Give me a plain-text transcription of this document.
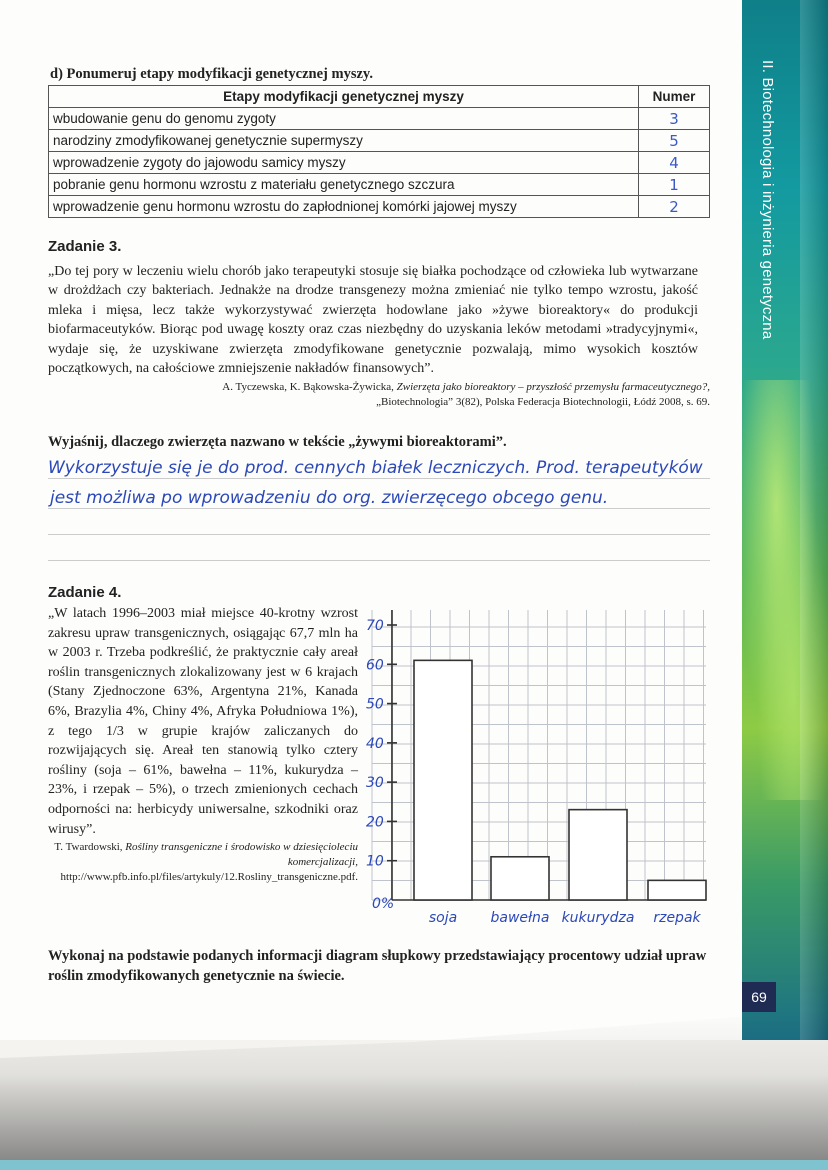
II. Biotechnologia i inżynieria genetyczna
69
d) Ponumeruj etapy modyfikacji genetycznej myszy.
Etapy modyfikacji genetycznej myszy	Numer
wbudowanie genu do genomu zygoty	3
narodziny zmodyfikowanej genetycznie supermyszy	5
wprowadzenie zygoty do jajowodu samicy myszy	4
pobranie genu hormonu wzrostu z materiału genetycznego szczura	1
wprowadzenie genu hormonu wzrostu do zapłodnionej komórki jajowej myszy	2
Zadanie 3.
„Do tej pory w leczeniu wielu chorób jako terapeutyki stosuje się białka pochodzące od człowieka lub wytwarzane w drożdżach czy bakteriach. Jednakże na drodze transgenezy można zmieniać nie tylko tempo wzrostu, jakość mleka i mięsa, lecz także wykorzystywać zwierzęta hodowlane jako »żywe bioreaktory« do produkcji biofarmaceutyków. Biorąc pod uwagę koszty oraz czas niezbędny do uzyskania leków metodami »tradycyjnymi«, wydaje się, że uzyskiwane zwierzęta zmodyfikowane genetycznie pozwalają, mimo wysokich kosztów początkowych, na całościowe zmniejszenie nakładów finansowych”.
A. Tyczewska, K. Bąkowska-Żywicka, Zwierzęta jako bioreaktory – przyszłość przemysłu farmaceutycznego?,
„Biotechnologia” 3(82), Polska Federacja Biotechnologii, Łódź 2008, s. 69.
Wyjaśnij, dlaczego zwierzęta nazwano w tekście „żywymi bioreaktorami”.
Wykorzystuje się je do prod. cennych białek leczniczych. Prod. terapeutyków
jest możliwa po wprowadzeniu do org. zwierzęcego obcego genu.
Zadanie 4.
„W latach 1996–2003 miał miejsce 40-krotny wzrost zakresu upraw transgenicznych, osiągając 67,7 mln ha w 2003 r. Trzeba podkreślić, że praktycznie cały areał roślin transgenicznych zlokalizowany jest w 6 krajach (Stany Zjednoczone 63%, Argentyna 21%, Kanada 6%, Brazylia 4%, Chiny 4%, Afryka Południowa 1%), z tego 1/3 w grupie krajów zaliczanych do rozwijających się. Areał ten stanowią tylko cztery rośliny (soja – 61%, bawełna – 11%, kukurydza – 23%, i rzepak – 5%), o trzech zmienionych cechach odporności na: herbicydy uniwersalne, szkodniki oraz wirusy”.
T. Twardowski, Rośliny transgeniczne i środowisko w dziesięcioleciu komercjalizacji, http://www.pfb.info.pl/files/artykuly/12.Rosliny_transgeniczne.pdf.
0%
10
20
30
40
50
60
70
soja bawełna kukurydza rzepak
Wykonaj na podstawie podanych informacji diagram słupkowy przedstawiający procentowy udział upraw roślin zmodyfikowanych genetycznie na świecie.
